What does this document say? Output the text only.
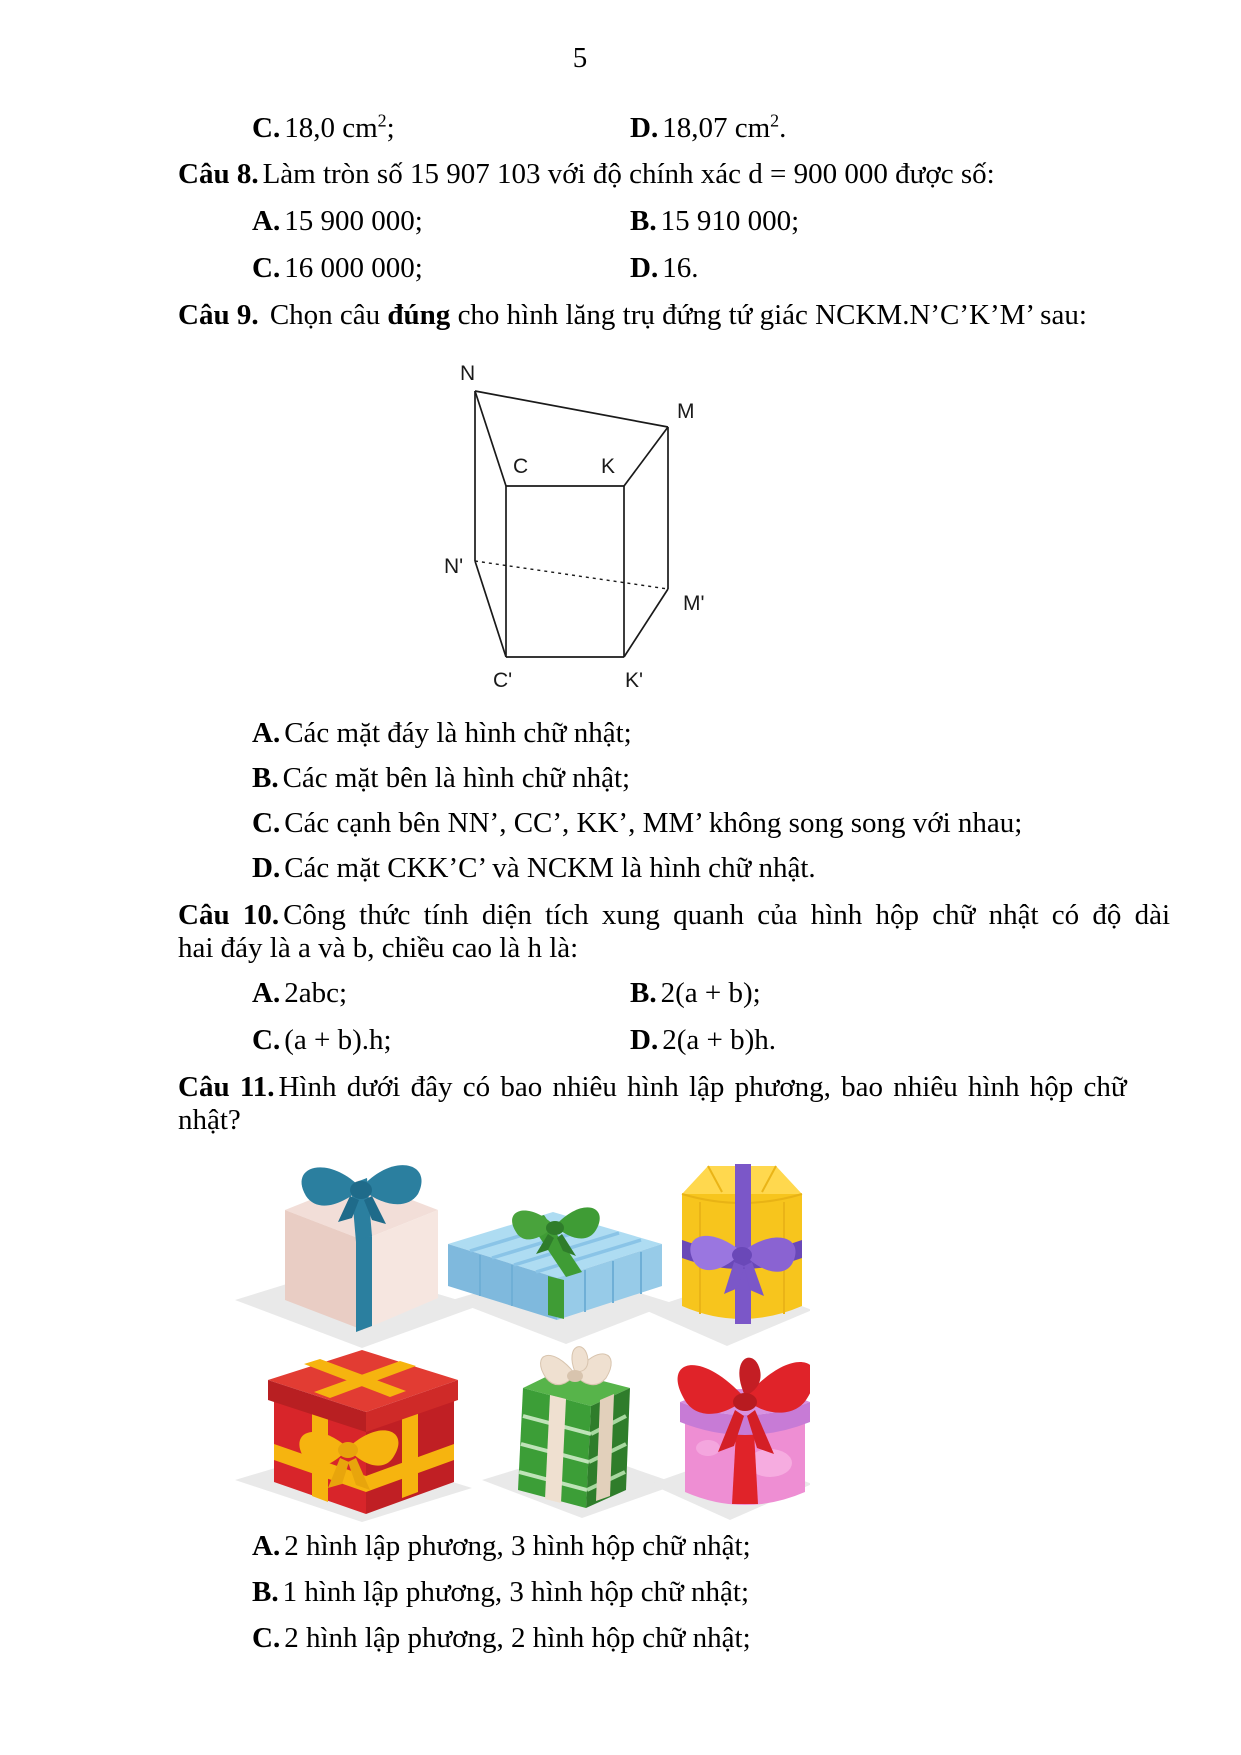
5
C. 18,0 $cm^2$;	D. 18,07 $cm^2$.
Câu 8. Làm tròn số 15 907 103 với độ chính xác d = 900 000 được số:
A. 15 900 000;	B. 15 910 000;
C. 16 000 000;	D. 16.
Câu 9. Chọn câu đúng cho hình lăng trụ đứng tứ giác NCKM.N’C’K’M’ sau:
N
M
C	K
N'
M'
C'	K'
A. Các mặt đáy là hình chữ nhật;
B. Các mặt bên là hình chữ nhật;
C. Các cạnh bên NN’, CC’, KK’, MM’ không song song với nhau;
D. Các mặt CKK’C’ và NCKM là hình chữ nhật.
Câu 10. Công thức tính diện tích xung quanh của hình hộp chữ nhật có độ dài
hai đáy là a và b, chiều cao là h là:
A. 2abc;	B. 2(a + b);
C. (a + b).h;	D. 2(a + b)h.
Câu 11. Hình dưới đây có bao nhiêu hình lập phương, bao nhiêu hình hộp chữ
nhật?
A. 2 hình lập phương, 3 hình hộp chữ nhật;
B. 1 hình lập phương, 3 hình hộp chữ nhật;
C. 2 hình lập phương, 2 hình hộp chữ nhật;
